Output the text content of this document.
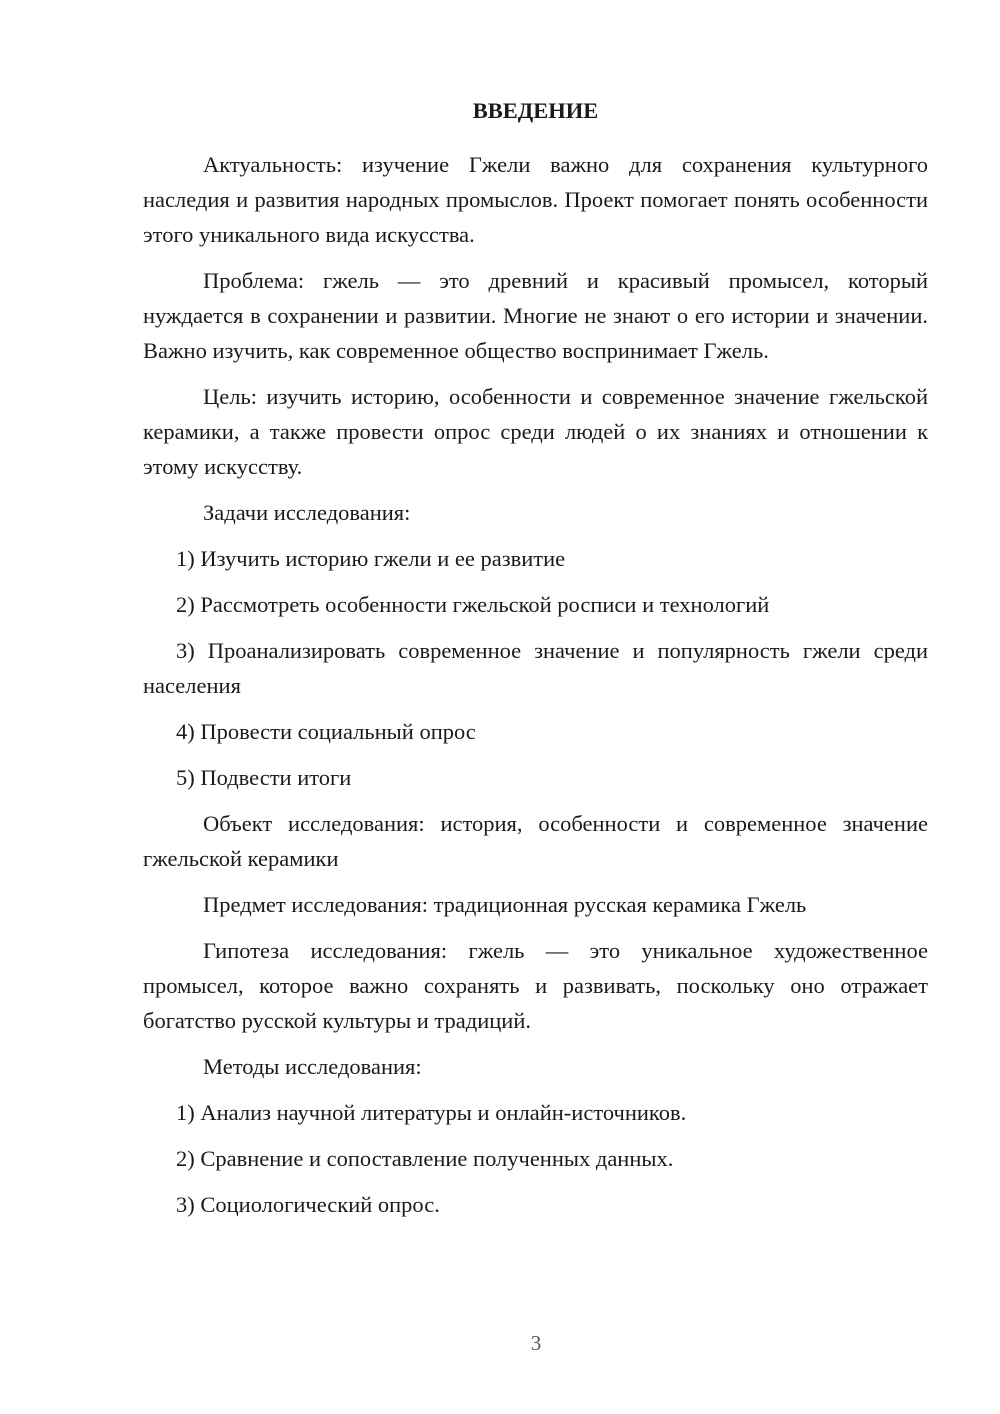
ВВЕДЕНИЕ

Актуальность: изучение Гжели важно для сохранения культурного наследия и развития народных промыслов. Проект помогает понять особенности этого уникального вида искусства.

Проблема: гжель — это древний и красивый промысел, который нуждается в сохранении и развитии. Многие не знают о его истории и значении. Важно изучить, как современное общество воспринимает Гжель.

Цель: изучить историю, особенности и современное значение гжельской керамики, а также провести опрос среди людей о их знаниях и отношении к этому искусству.

Задачи исследования:

1) Изучить историю гжели и ее развитие

2) Рассмотреть особенности гжельской росписи и технологий

3) Проанализировать современное значение и популярность гжели среди населения

4) Провести социальный опрос

5) Подвести итоги

Объект исследования: история, особенности и современное значение гжельской керамики

Предмет исследования: традиционная русская керамика Гжель

Гипотеза исследования: гжель — это уникальное художественное промысел, которое важно сохранять и развивать, поскольку оно отражает богатство русской культуры и традиций.

Методы исследования:

1) Анализ научной литературы и онлайн-источников.

2) Сравнение и сопоставление полученных данных.

3) Социологический опрос.

3
